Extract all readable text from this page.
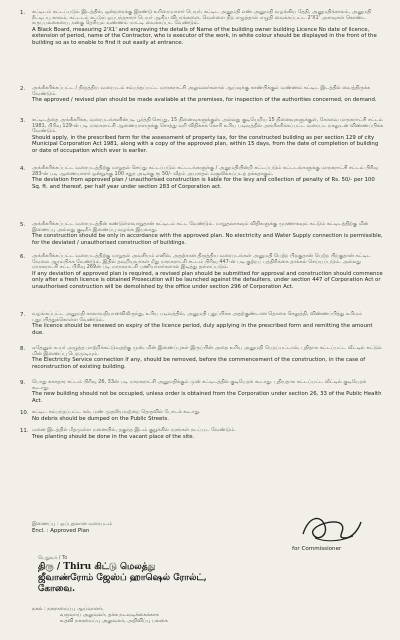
1. கட்டிடம் கட்டப்படும் இடத்தில், ஒன்றரைக்கு இரண்டு உரிமையாளர் பெயர், கட்டிட அனுமதி எண் அனுமதி வழங்கிய தேதி, அனுமதிக்காலம், அனுமதி நீட்டிப்பு காலம், கட்டடம் கட்டும் ஒப்பந்தகாரர் பெயர் ஆகிய விபரங்களை, வெள்ளை நிற எழுத்தால் எழுதி வைக்கப்பட்ட 2'X1' அளவுகள் கொண்ட கருப்பலகையை, நன்கு தெரியும் வண்ணம் மாட்டி வைக்கப்பட வேண்டும்.
A Black Board, measuring 2'X1' and engraving the details of Name of the building owner building Licence No date of licence, extension of period, name of the Contractor, who is executor of the work, in white colour should be displayed in the front of the building so as to enable to find it out easily at entrance.
2. அங்கீகரிக்கப்பட்ட / திருத்திய வரைபடம் சம்பந்தப்பட்ட மாநகராட்சி அலுவலர்களால் ஆய்வுக்கு காண்பிக்கும் வண்ணம் கட்டிட இடத்தில் வைத்திருக்க வேண்டும்.
The approved / revised plan should be made available at the premises, for inspection of the authorities concerned, on demand.
3. கட்டிடத்தை அங்கீகரிக்க, வரைபடங்களின்படி பூர்த்தி செய்து, 15 நினைவுகளுக்குள், அல்லது குடியேறிய 15 நினைவுகளுக்குள், கோவை மாநகராட்சி சட்டம் 1981, பிரிவு 129-ன் படி மாநகராட்சி ஆணையாளருக்கு சொத்து வரி விதிக்கக் கோரி உரிய படிவத்தில் அங்கீகரிக்கப்பட்ட வரைபட நகலுடன் விண்ணப்பிக்க வேண்டும்.
Should apply, in the prescribed form for the assessment of property tax, for the constructed building as per section 129 of city Municipal Corporation Act 1981, along with a copy of the approved plan, within 15 days, from the date of completion of building or date of occupation which ever is earlier.
4. அங்கீகரிக்கப்பட்ட வரைபடத்திற்கு மாறுதல் செய்து கட்டப்படும் கட்டடங்களுக்கு / அனுமதியின்றி கட்டப்படும் கட்டடங்களுக்கு மாநகராட்சி சட்டம் பிரிவு 283-ன் படி ஆணையாளர் ஒன்றுக்கு 100 சதுர அடிக்கு ரூ 50/- வீதம் அபராதம் வசூலிக்கப்படத் தக்கதாகும்.
The deviation from approved plan / unauthorised construction is liable for the levy and collection of penalty of Rs. 50/- per 100 Sq. ft. and thereof, per half year under section 283 of Corporation act.
5. அங்கீகரிக்கப்பட்ட வரைபடத்தின் கண்டுள்ளவாறுதான் கட்டிடம் கட்ட வேண்டும். மாறுதலாகவும் விதிகளுக்கு முரணாகவும் கட்டும் கட்டிடத்திற்கு மின் இணைப்பு அல்லது குடிநீர் இணைப்பு வழங்க இயலாது.
The construction should be only in accordance with the approved plan. No electricity and Water Supply connection is permissible, for the deviated / unauthorised construction of buildings.
6. அங்கீகரிக்கப்பட்ட வரைபடத்திற்கு மாறுதல் அவசியம் எனில், அதற்கான திருத்திய வரைபடங்கள் அனுமதி பெற்ற பிறகுதான் பெற்ற பிறகுதான் கட்டிட வேலை ஆரம்பிக்க வேண்டும். இதில் தவறியவர்கள் மீது மாநகராட்சி சட்டம் பிரிவு 447-ன் படி குற்றப் பத்திரிக்கை தாக்கல் செய்யப்படும். அல்லது மாநகராட்சி சட்ட பிரிவு 269ன் படி மாநகராட்சி பணியாளர்களால் இடித்து தள்ளப்படும்.
If any deviation of approved plan is required, a revised plan should be submitted for approval and construction should commence only after a fresh licence is obtained Prosecution will be launched against the defaulters, under section 447 of Corporation Act or unauthorised construction will be demolished by the office under section 296 of Corporation Act.
7. வழங்கப்பட்ட அனுமதி காலாவதியானவிலிருந்து, உரிய படிவத்தில், அனுமதி புதுப்பிக்க அதற்குண்டான தொகை செலுத்தி, விண்ணப்பித்து உரிமம் புதுப்பித்துக்கொள்ள வேண்டும்.
The licence should be renewed on expiry of the licence period, duly applying in the prescribed form and remitting the amount due.
8. ஏதேனும் உயர் அழுத்த மாற்றிக்கட்டுவதற்கு முன், மின் இணைப்புகள் இருப்பின் அதை உரிய அனுமதி பெறப்பட்டால், புதிதாக கட்டப்பட்ட வீட்டில் கட்டும் மின் இணைப்பு பெறமுடியும்.
The Electricity Service connection if any, should be removed, before the commencement of the construction, in the case of reconstruction of existing building.
9. பொது சுகாதார சட்டம் பிரிவு 26, 33ன் படி மாநகராட்சி அனுமதிக்கும் முன் கட்டிடத்தில் குடியேறக் கூடாது. புதியதாக கட்டப்பட்ட வீட்டில் குடியேறக் கூடாது.
The new building should not be occupied, unless order is obtained from the Corporation under section 26, 33 of the Public Health Act.
10. கட்டிட சம்பந்தப்பட்ட கல், மண் முதலியவற்றை தெருவில் போடக் கூடாது.
No debris should be dumped on the Public Streets.
11. மனை இடத்தில் மீதமுள்ள மனையில், தகுந்த இடம் குறுக்கில் மரங்கள் நடப்பட வேண்டும்.
Tree planting should be done in the vacant place of the site.
இணைப்பு : ஒப்புதலான வரைபடம்
Encl. : Approved Plan
for Commissioner
பெறுவர் / To
திரு / Thiru கிட்டு மெலத்து
ஜீவாண்ரோம் ஜேஸ்ப் ஹாஷெல் ரோல்ட்,
கோவை.
நகல் : நகராமைப்பு ஆய்வாளர்,
வருவாய் அலுவலர், தக்க நடவடிக்கைக்காக
உதவி நகரமைப்பு அலுவலர், அறிவிப்பு பலகை
